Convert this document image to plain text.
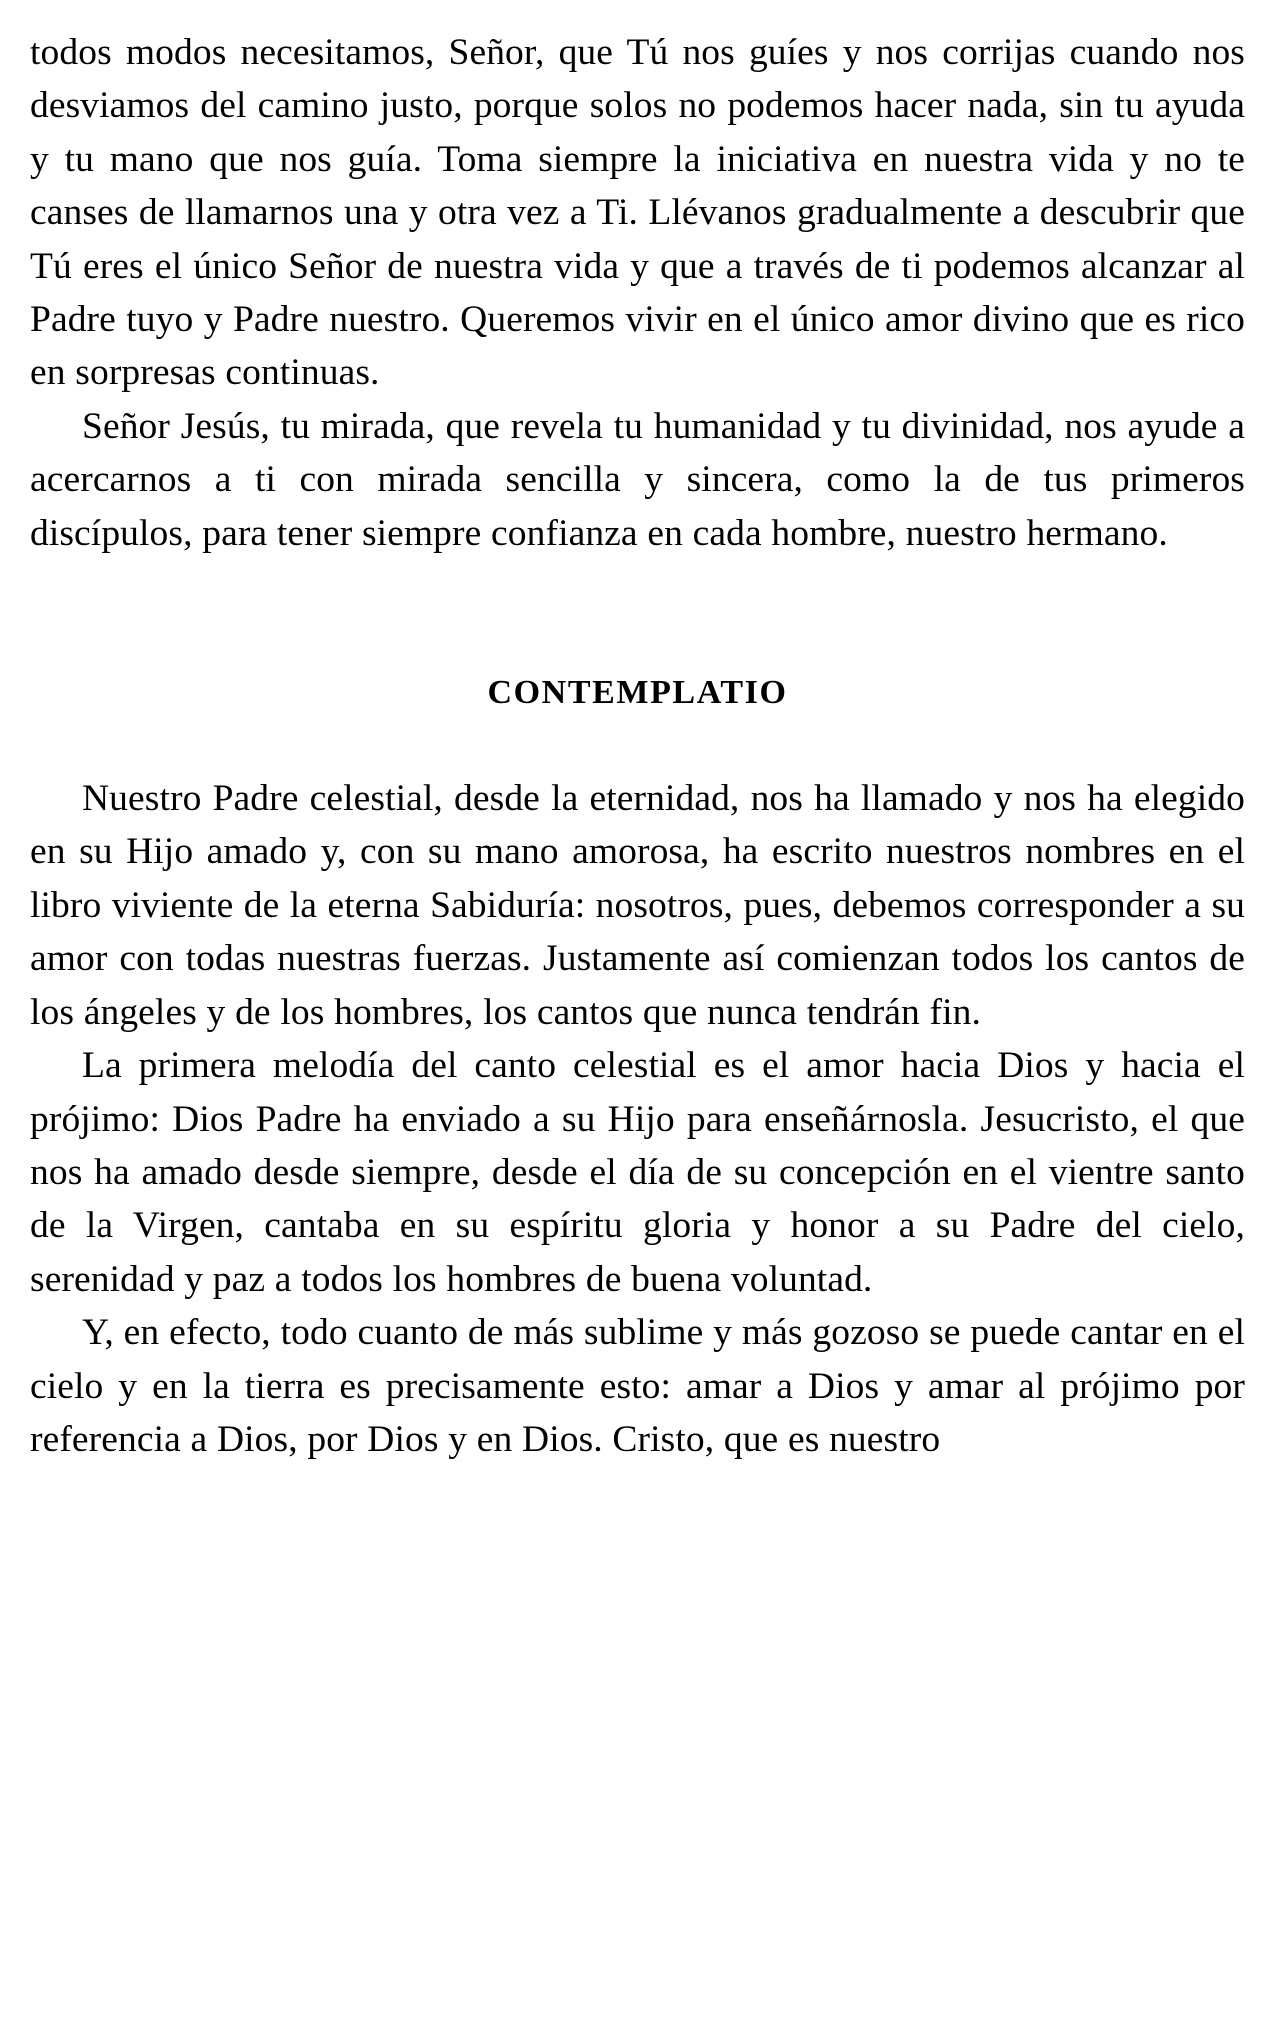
todos modos necesitamos, Señor, que Tú nos guíes y nos corrijas cuando nos desviamos del camino justo, porque solos no podemos hacer nada, sin tu ayuda y tu mano que nos guía. Toma siempre la iniciativa en nuestra vida y no te canses de llamarnos una y otra vez a Ti. Llévanos gradualmente a descubrir que Tú eres el único Señor de nuestra vida y que a través de ti podemos alcanzar al Padre tuyo y Padre nuestro. Queremos vivir en el único amor divino que es rico en sorpresas continuas.

Señor Jesús, tu mirada, que revela tu humanidad y tu divinidad, nos ayude a acercarnos a ti con mirada sencilla y sincera, como la de tus primeros discípulos, para tener siempre confianza en cada hombre, nuestro hermano.

CONTEMPLATIO

Nuestro Padre celestial, desde la eternidad, nos ha llamado y nos ha elegido en su Hijo amado y, con su mano amorosa, ha escrito nuestros nombres en el libro viviente de la eterna Sabiduría: nosotros, pues, debemos corresponder a su amor con todas nuestras fuerzas. Justamente así comienzan todos los cantos de los ángeles y de los hombres, los cantos que nunca tendrán fin.

La primera melodía del canto celestial es el amor hacia Dios y hacia el prójimo: Dios Padre ha enviado a su Hijo para enseñárnosla. Jesucristo, el que nos ha amado desde siempre, desde el día de su concepción en el vientre santo de la Virgen, cantaba en su espíritu gloria y honor a su Padre del cielo, serenidad y paz a todos los hombres de buena voluntad.

Y, en efecto, todo cuanto de más sublime y más gozoso se puede cantar en el cielo y en la tierra es precisamente esto: amar a Dios y amar al prójimo por referencia a Dios, por Dios y en Dios. Cristo, que es nuestro
